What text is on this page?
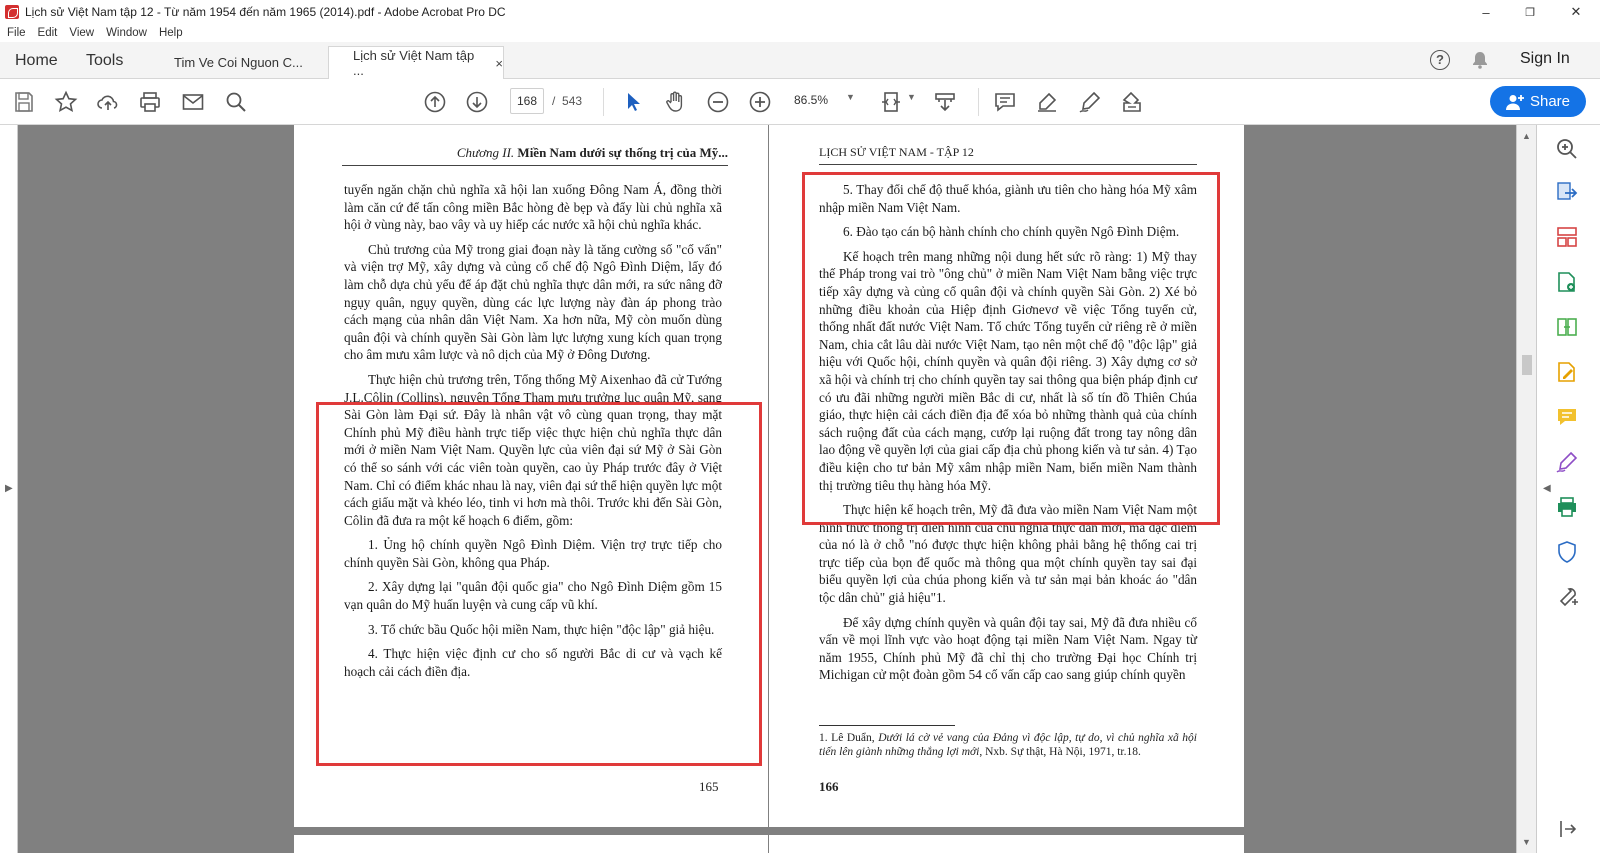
Lịch sử Việt Nam tập 12 - Từ năm 1954 đến năm 1965 (2014).pdf - Adobe Acrobat Pro DC	–	❐	✕
File Edit View Window Help
Home Tools	Tim Ve Coi Nguon C...	Lịch sử Việt Nam tập ...	×	?	Sign In
168	/ 543	86.5% ▼	▼	Share
▶
Chương II. Miền Nam dưới sự thống trị của Mỹ...

tuyến ngăn chặn chủ nghĩa xã hội lan xuống Đông Nam Á, đồng thời làm căn cứ để tấn công miền Bắc hòng đè bẹp và đẩy lùi chủ nghĩa xã hội ở vùng này, bao vây và uy hiếp các nước xã hội chủ nghĩa khác.

Chủ trương của Mỹ trong giai đoạn này là tăng cường số "cố vấn" và viện trợ Mỹ, xây dựng và củng cố chế độ Ngô Đình Diệm, lấy đó làm chỗ dựa chủ yếu để áp đặt chủ nghĩa thực dân mới, ra sức nâng đỡ ngụy quân, ngụy quyền, dùng các lực lượng này đàn áp phong trào cách mạng của nhân dân Việt Nam. Xa hơn nữa, Mỹ còn muốn dùng quân đội và chính quyền Sài Gòn làm lực lượng xung kích quan trọng cho âm mưu xâm lược và nô dịch của Mỹ ở Đông Dương.

Thực hiện chủ trương trên, Tổng thống Mỹ Aixenhao đã cử Tướng J.L.Côlin (Collins), nguyên Tổng Tham mưu trưởng lục quân Mỹ, sang Sài Gòn làm Đại sứ. Đây là nhân vật vô cùng quan trọng, thay mặt Chính phủ Mỹ điều hành trực tiếp việc thực hiện chủ nghĩa thực dân mới ở miền Nam Việt Nam. Quyền lực của viên đại sứ Mỹ ở Sài Gòn có thể so sánh với các viên toàn quyền, cao ủy Pháp trước đây ở Việt Nam. Chỉ có điểm khác nhau là nay, viên đại sứ thể hiện quyền lực một cách giấu mặt và khéo léo, tinh vi hơn mà thôi. Trước khi đến Sài Gòn, Côlin đã đưa ra một kế hoạch 6 điểm, gồm:

1. Ủng hộ chính quyền Ngô Đình Diệm. Viện trợ trực tiếp cho chính quyền Sài Gòn, không qua Pháp.

2. Xây dựng lại "quân đội quốc gia" cho Ngô Đình Diệm gồm 15 vạn quân do Mỹ huấn luyện và cung cấp vũ khí.

3. Tổ chức bầu Quốc hội miền Nam, thực hiện "độc lập" giả hiệu.

4. Thực hiện việc định cư cho số người Bắc di cư và vạch kế hoạch cải cách điền địa.

165
LỊCH SỬ VIỆT NAM - TẬP 12

5. Thay đổi chế độ thuế khóa, giành ưu tiên cho hàng hóa Mỹ xâm nhập miền Nam Việt Nam.

6. Đào tạo cán bộ hành chính cho chính quyền Ngô Đình Diệm.

Kế hoạch trên mang những nội dung hết sức rõ ràng: 1) Mỹ thay thế Pháp trong vai trò "ông chủ" ở miền Nam Việt Nam bằng việc trực tiếp xây dựng và củng cố quân đội và chính quyền Sài Gòn. 2) Xé bỏ những điều khoản của Hiệp định Giơnevơ về việc Tổng tuyển cử, thống nhất đất nước Việt Nam. Tổ chức Tổng tuyển cử riêng rẽ ở miền Nam, chia cắt lâu dài nước Việt Nam, tạo nên một chế độ "độc lập" giả hiệu với Quốc hội, chính quyền và quân đội riêng. 3) Xây dựng cơ sở xã hội và chính trị cho chính quyền tay sai thông qua biện pháp định cư có ưu đãi những người miền Bắc di cư, nhất là số tín đồ Thiên Chúa giáo, thực hiện cải cách điền địa để xóa bỏ những thành quả của chính sách ruộng đất của cách mạng, cướp lại ruộng đất trong tay nông dân lao động về quyền lợi của giai cấp địa chủ phong kiến và tư sản. 4) Tạo điều kiện cho tư bản Mỹ xâm nhập miền Nam, biến miền Nam thành thị trường tiêu thụ hàng hóa Mỹ.

Thực hiện kế hoạch trên, Mỹ đã đưa vào miền Nam Việt Nam một hình thức thống trị điển hình của chủ nghĩa thực dân mới, mà đặc điểm của nó là ở chỗ "nó được thực hiện không phải bằng hệ thống cai trị trực tiếp của bọn đế quốc mà thông qua một chính quyền tay sai đại biểu quyền lợi của chúa phong kiến và tư sản mại bản khoác áo "dân tộc dân chủ" giả hiệu"1.

Để xây dựng chính quyền và quân đội tay sai, Mỹ đã đưa nhiều cố vấn về mọi lĩnh vực vào hoạt động tại miền Nam Việt Nam. Ngay từ năm 1955, Chính phủ Mỹ đã chỉ thị cho trường Đại học Chính trị Michigan cử một đoàn gồm 54 cố vấn cấp cao sang giúp chính quyền

1. Lê Duẩn, Dưới lá cờ vẻ vang của Đảng vì độc lập, tự do, vì chủ nghĩa xã hội tiến lên giành những thắng lợi mới, Nxb. Sự thật, Hà Nội, 1971, tr.18.
166
▲
▼
◀
